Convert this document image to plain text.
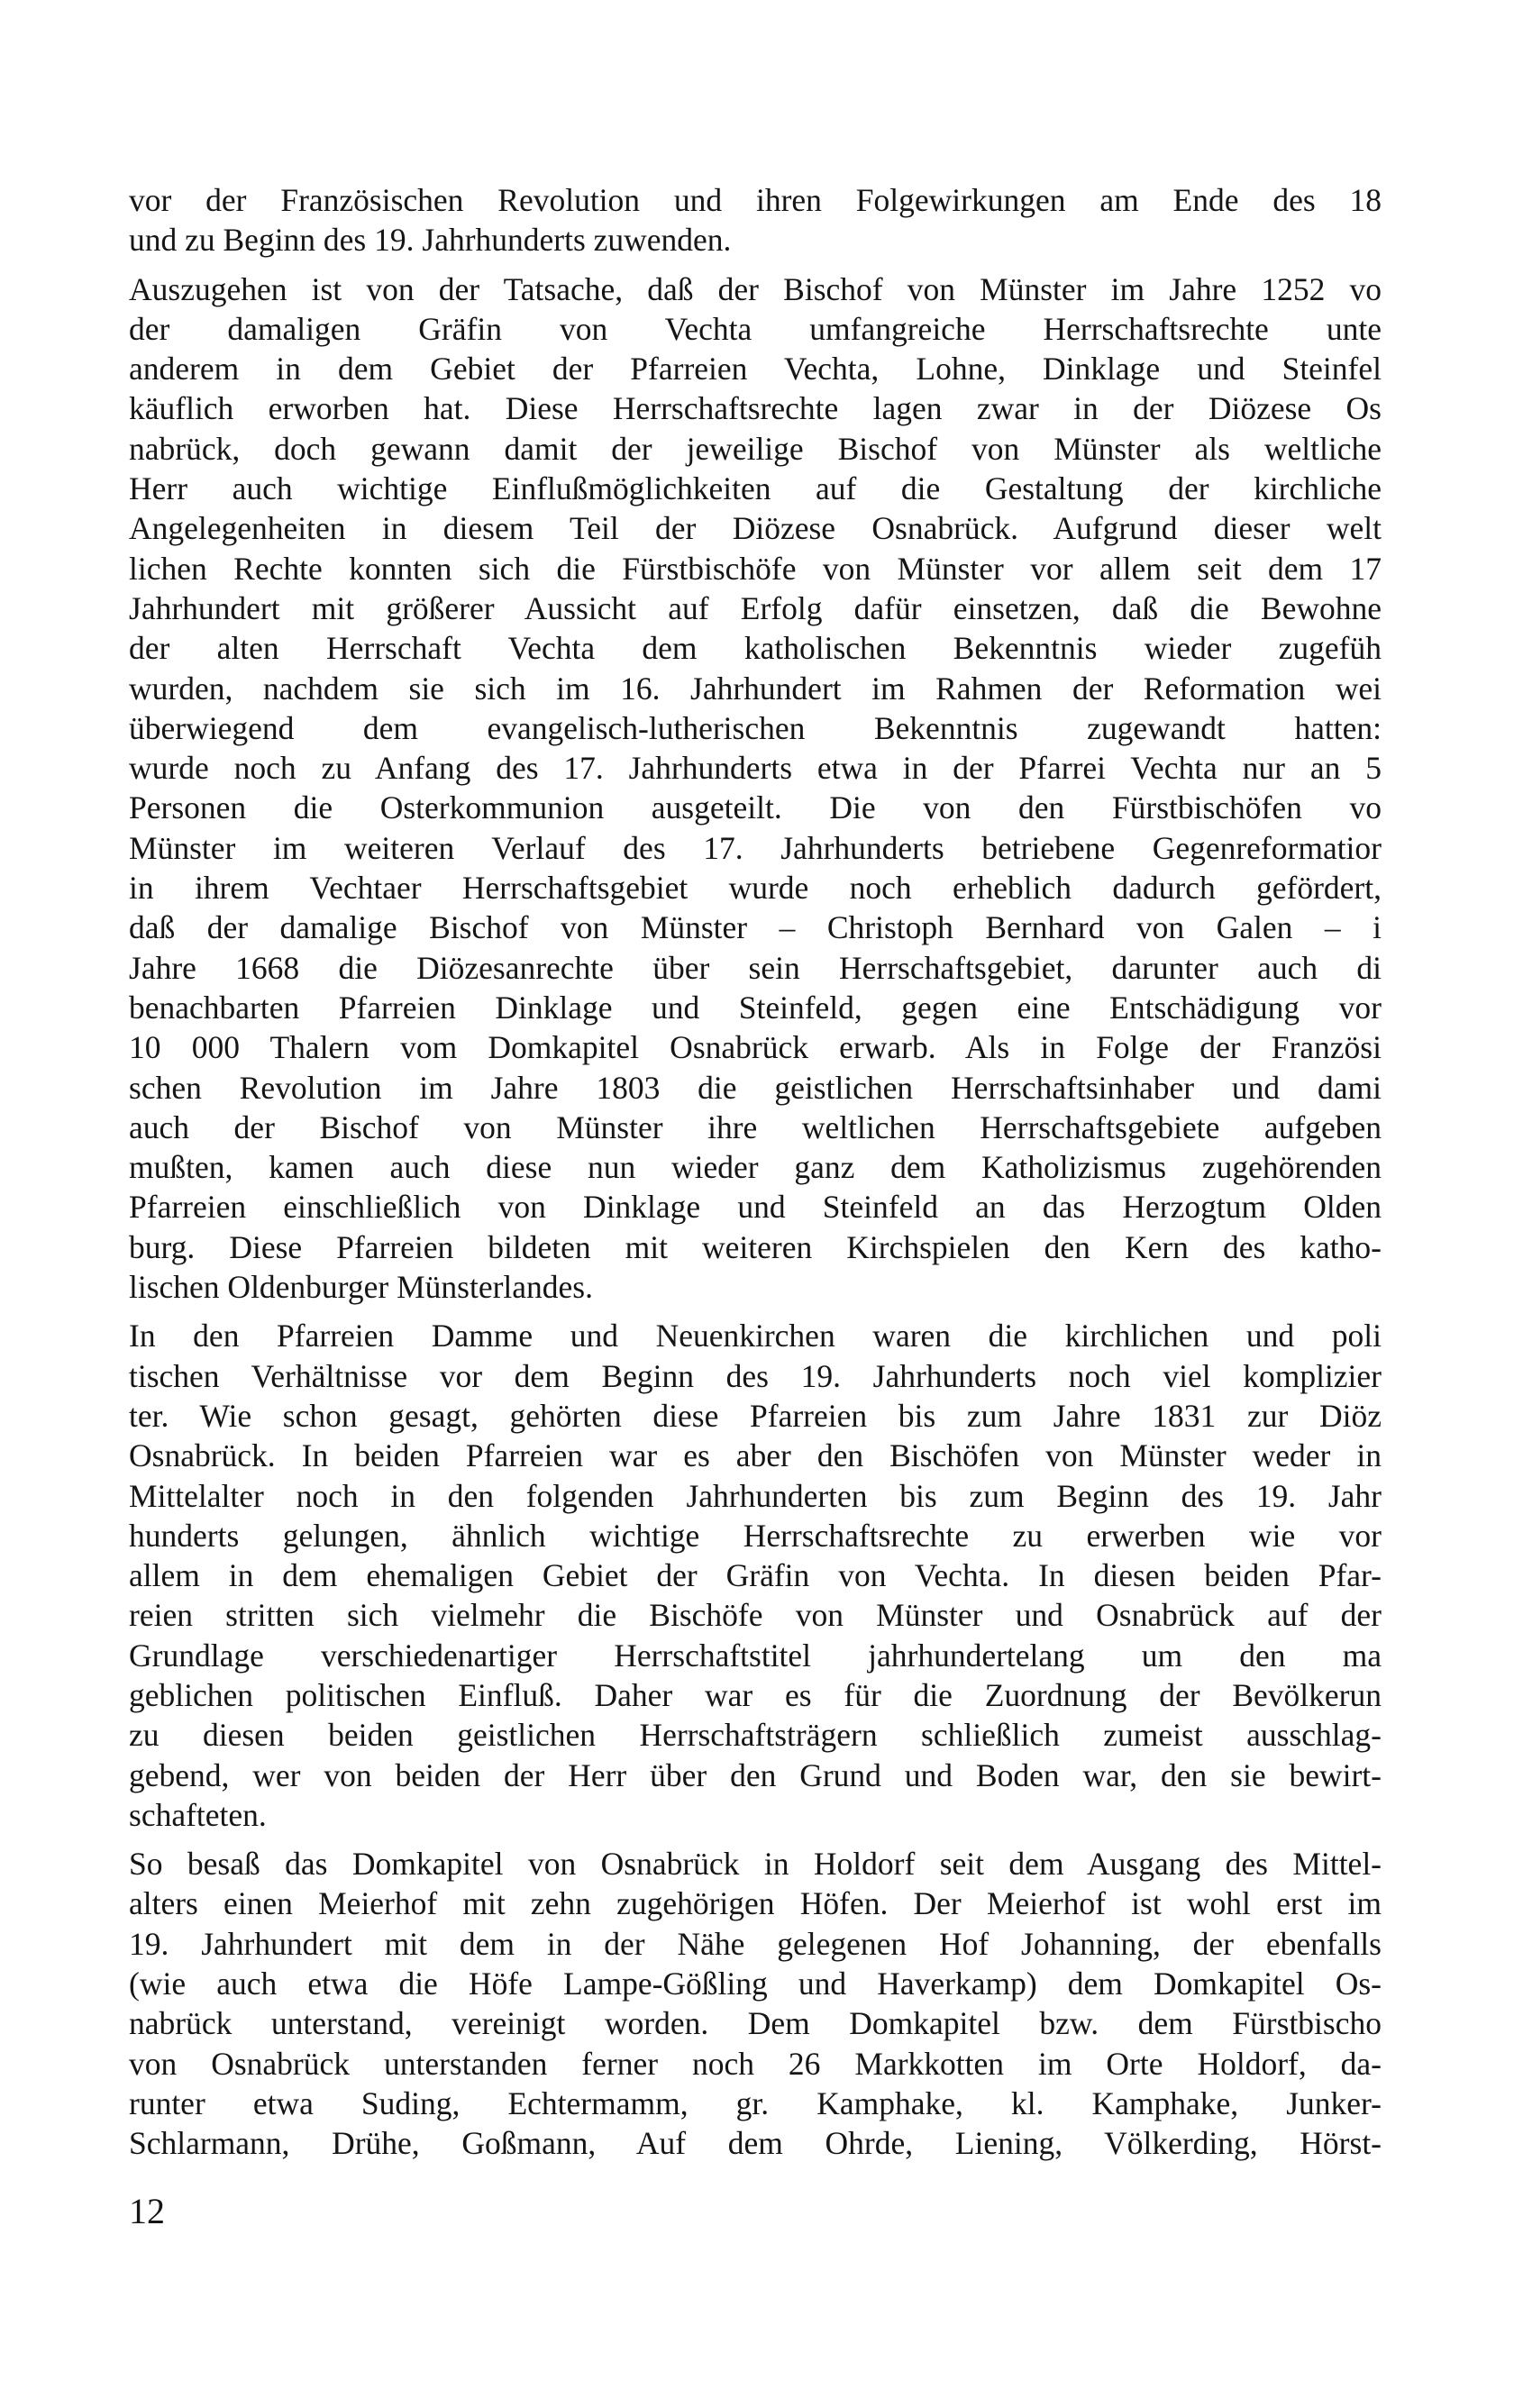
vor der Französischen Revolution und ihren Folgewirkungen am Ende des 18
und zu Beginn des 19. Jahrhunderts zuwenden.
Auszugehen ist von der Tatsache, daß der Bischof von Münster im Jahre 1252 vo
der damaligen Gräfin von Vechta umfangreiche Herrschaftsrechte unte
anderem in dem Gebiet der Pfarreien Vechta, Lohne, Dinklage und Steinfel
käuflich erworben hat. Diese Herrschaftsrechte lagen zwar in der Diözese Os
nabrück, doch gewann damit der jeweilige Bischof von Münster als weltliche
Herr auch wichtige Einflußmöglichkeiten auf die Gestaltung der kirchliche
Angelegenheiten in diesem Teil der Diözese Osnabrück. Aufgrund dieser welt
lichen Rechte konnten sich die Fürstbischöfe von Münster vor allem seit dem 17
Jahrhundert mit größerer Aussicht auf Erfolg dafür einsetzen, daß die Bewohne
der alten Herrschaft Vechta dem katholischen Bekenntnis wieder zugefüh
wurden, nachdem sie sich im 16. Jahrhundert im Rahmen der Reformation wei
überwiegend dem evangelisch-lutherischen Bekenntnis zugewandt hatten:
wurde noch zu Anfang des 17. Jahrhunderts etwa in der Pfarrei Vechta nur an 5
Personen die Osterkommunion ausgeteilt. Die von den Fürstbischöfen vo
Münster im weiteren Verlauf des 17. Jahrhunderts betriebene Gegenreformatior
in ihrem Vechtaer Herrschaftsgebiet wurde noch erheblich dadurch gefördert,
daß der damalige Bischof von Münster – Christoph Bernhard von Galen – i
Jahre 1668 die Diözesanrechte über sein Herrschaftsgebiet, darunter auch di
benachbarten Pfarreien Dinklage und Steinfeld, gegen eine Entschädigung vor
10 000 Thalern vom Domkapitel Osnabrück erwarb. Als in Folge der Französi
schen Revolution im Jahre 1803 die geistlichen Herrschaftsinhaber und dami
auch der Bischof von Münster ihre weltlichen Herrschaftsgebiete aufgeben
mußten, kamen auch diese nun wieder ganz dem Katholizismus zugehörenden
Pfarreien einschließlich von Dinklage und Steinfeld an das Herzogtum Olden
burg. Diese Pfarreien bildeten mit weiteren Kirchspielen den Kern des katho-
lischen Oldenburger Münsterlandes.
In den Pfarreien Damme und Neuenkirchen waren die kirchlichen und poli
tischen Verhältnisse vor dem Beginn des 19. Jahrhunderts noch viel komplizier
ter. Wie schon gesagt, gehörten diese Pfarreien bis zum Jahre 1831 zur Diöz
Osnabrück. In beiden Pfarreien war es aber den Bischöfen von Münster weder in
Mittelalter noch in den folgenden Jahrhunderten bis zum Beginn des 19. Jahr
hunderts gelungen, ähnlich wichtige Herrschaftsrechte zu erwerben wie vor
allem in dem ehemaligen Gebiet der Gräfin von Vechta. In diesen beiden Pfar-
reien stritten sich vielmehr die Bischöfe von Münster und Osnabrück auf der
Grundlage verschiedenartiger Herrschaftstitel jahrhundertelang um den ma
geblichen politischen Einfluß. Daher war es für die Zuordnung der Bevölkerun
zu diesen beiden geistlichen Herrschaftsträgern schließlich zumeist ausschlag-
gebend, wer von beiden der Herr über den Grund und Boden war, den sie bewirt-
schafteten.
So besaß das Domkapitel von Osnabrück in Holdorf seit dem Ausgang des Mittel-
alters einen Meierhof mit zehn zugehörigen Höfen. Der Meierhof ist wohl erst im
19. Jahrhundert mit dem in der Nähe gelegenen Hof Johanning, der ebenfalls
(wie auch etwa die Höfe Lampe-Gößling und Haverkamp) dem Domkapitel Os-
nabrück unterstand, vereinigt worden. Dem Domkapitel bzw. dem Fürstbischo
von Osnabrück unterstanden ferner noch 26 Markkotten im Orte Holdorf, da-
runter etwa Suding, Echtermamm, gr. Kamphake, kl. Kamphake, Junker-
Schlarmann, Drühe, Goßmann, Auf dem Ohrde, Liening, Völkerding, Hörst-
12
